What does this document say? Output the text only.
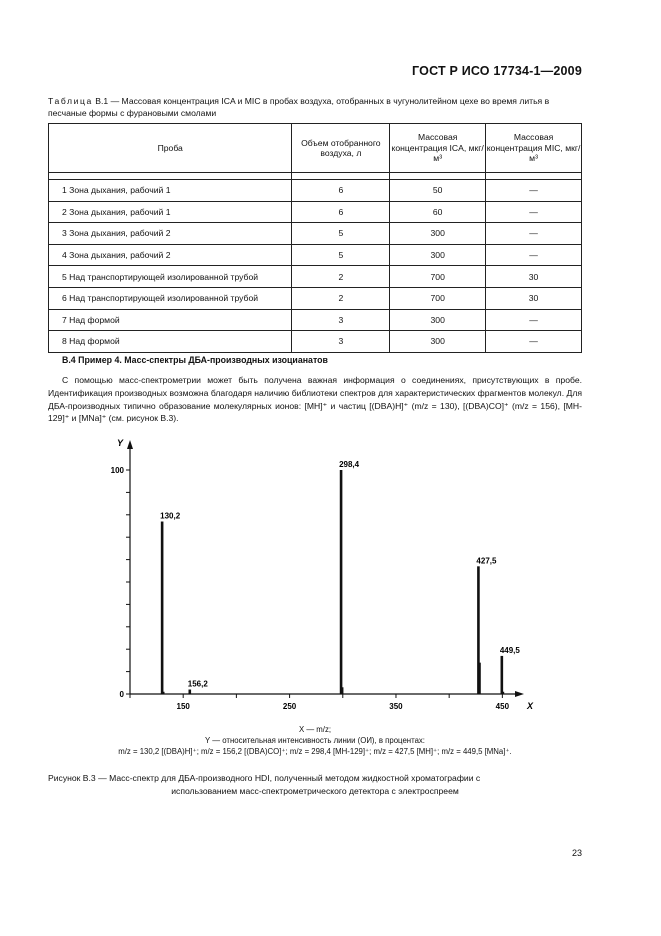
ГОСТ Р ИСО 17734-1—2009
Таблица В.1 — Массовая концентрация ICA и MIC в пробах воздуха, отобранных в чугунолитейном цехе во время литья в песчаные формы с фурановыми смолами
Проба	Объем отобранного воздуха, л	Массовая концентрация ICA, мкг/м³	Массовая концентрация MIC, мкг/м³

1 Зона дыхания, рабочий 1	6	50	—
2 Зона дыхания, рабочий 1	6	60	—
3 Зона дыхания, рабочий 2	5	300	—
4 Зона дыхания, рабочий 2	5	300	—
5 Над транспортирующей изолированной трубой	2	700	30
6 Над транспортирующей изолированной трубой	2	700	30
7 Над формой	3	300	—
8 Над формой	3	300	—
В.4 Пример 4. Масс-спектры ДБА-производных изоцианатов

С помощью масс-спектрометрии может быть получена важная информация о соединениях, присутствующих в пробе. Идентификация производных возможна благодаря наличию библиотеки спектров для характеристических фрагментов молекул. Для ДБА-производных типично образование молекулярных ионов: [MH]⁺ и частиц [(DBA)H]⁺ (m/z = 130), [(DBA)CO]⁺ (m/z = 156), [MH-129]⁺ и [MNa]⁺ (см. рисунок В.3).

150	250	350	450
0
100
Y
X
130,2
156,2
298,4
427,5
449,5
X — m/z;
Y — относительная интенсивность линии (ОИ), в процентах:
m/z = 130,2 [(DBA)H]⁺; m/z = 156,2 [(DBA)CO]⁺; m/z = 298,4 [MH-129]⁺; m/z = 427,5 [MH]⁺; m/z = 449,5 [MNa]⁺.
Рисунок В.3 — Масс-спектр для ДБА-производного HDI, полученный методом жидкостной хроматографии с
использованием масс-спектрометрического детектора с электроспреем
23
